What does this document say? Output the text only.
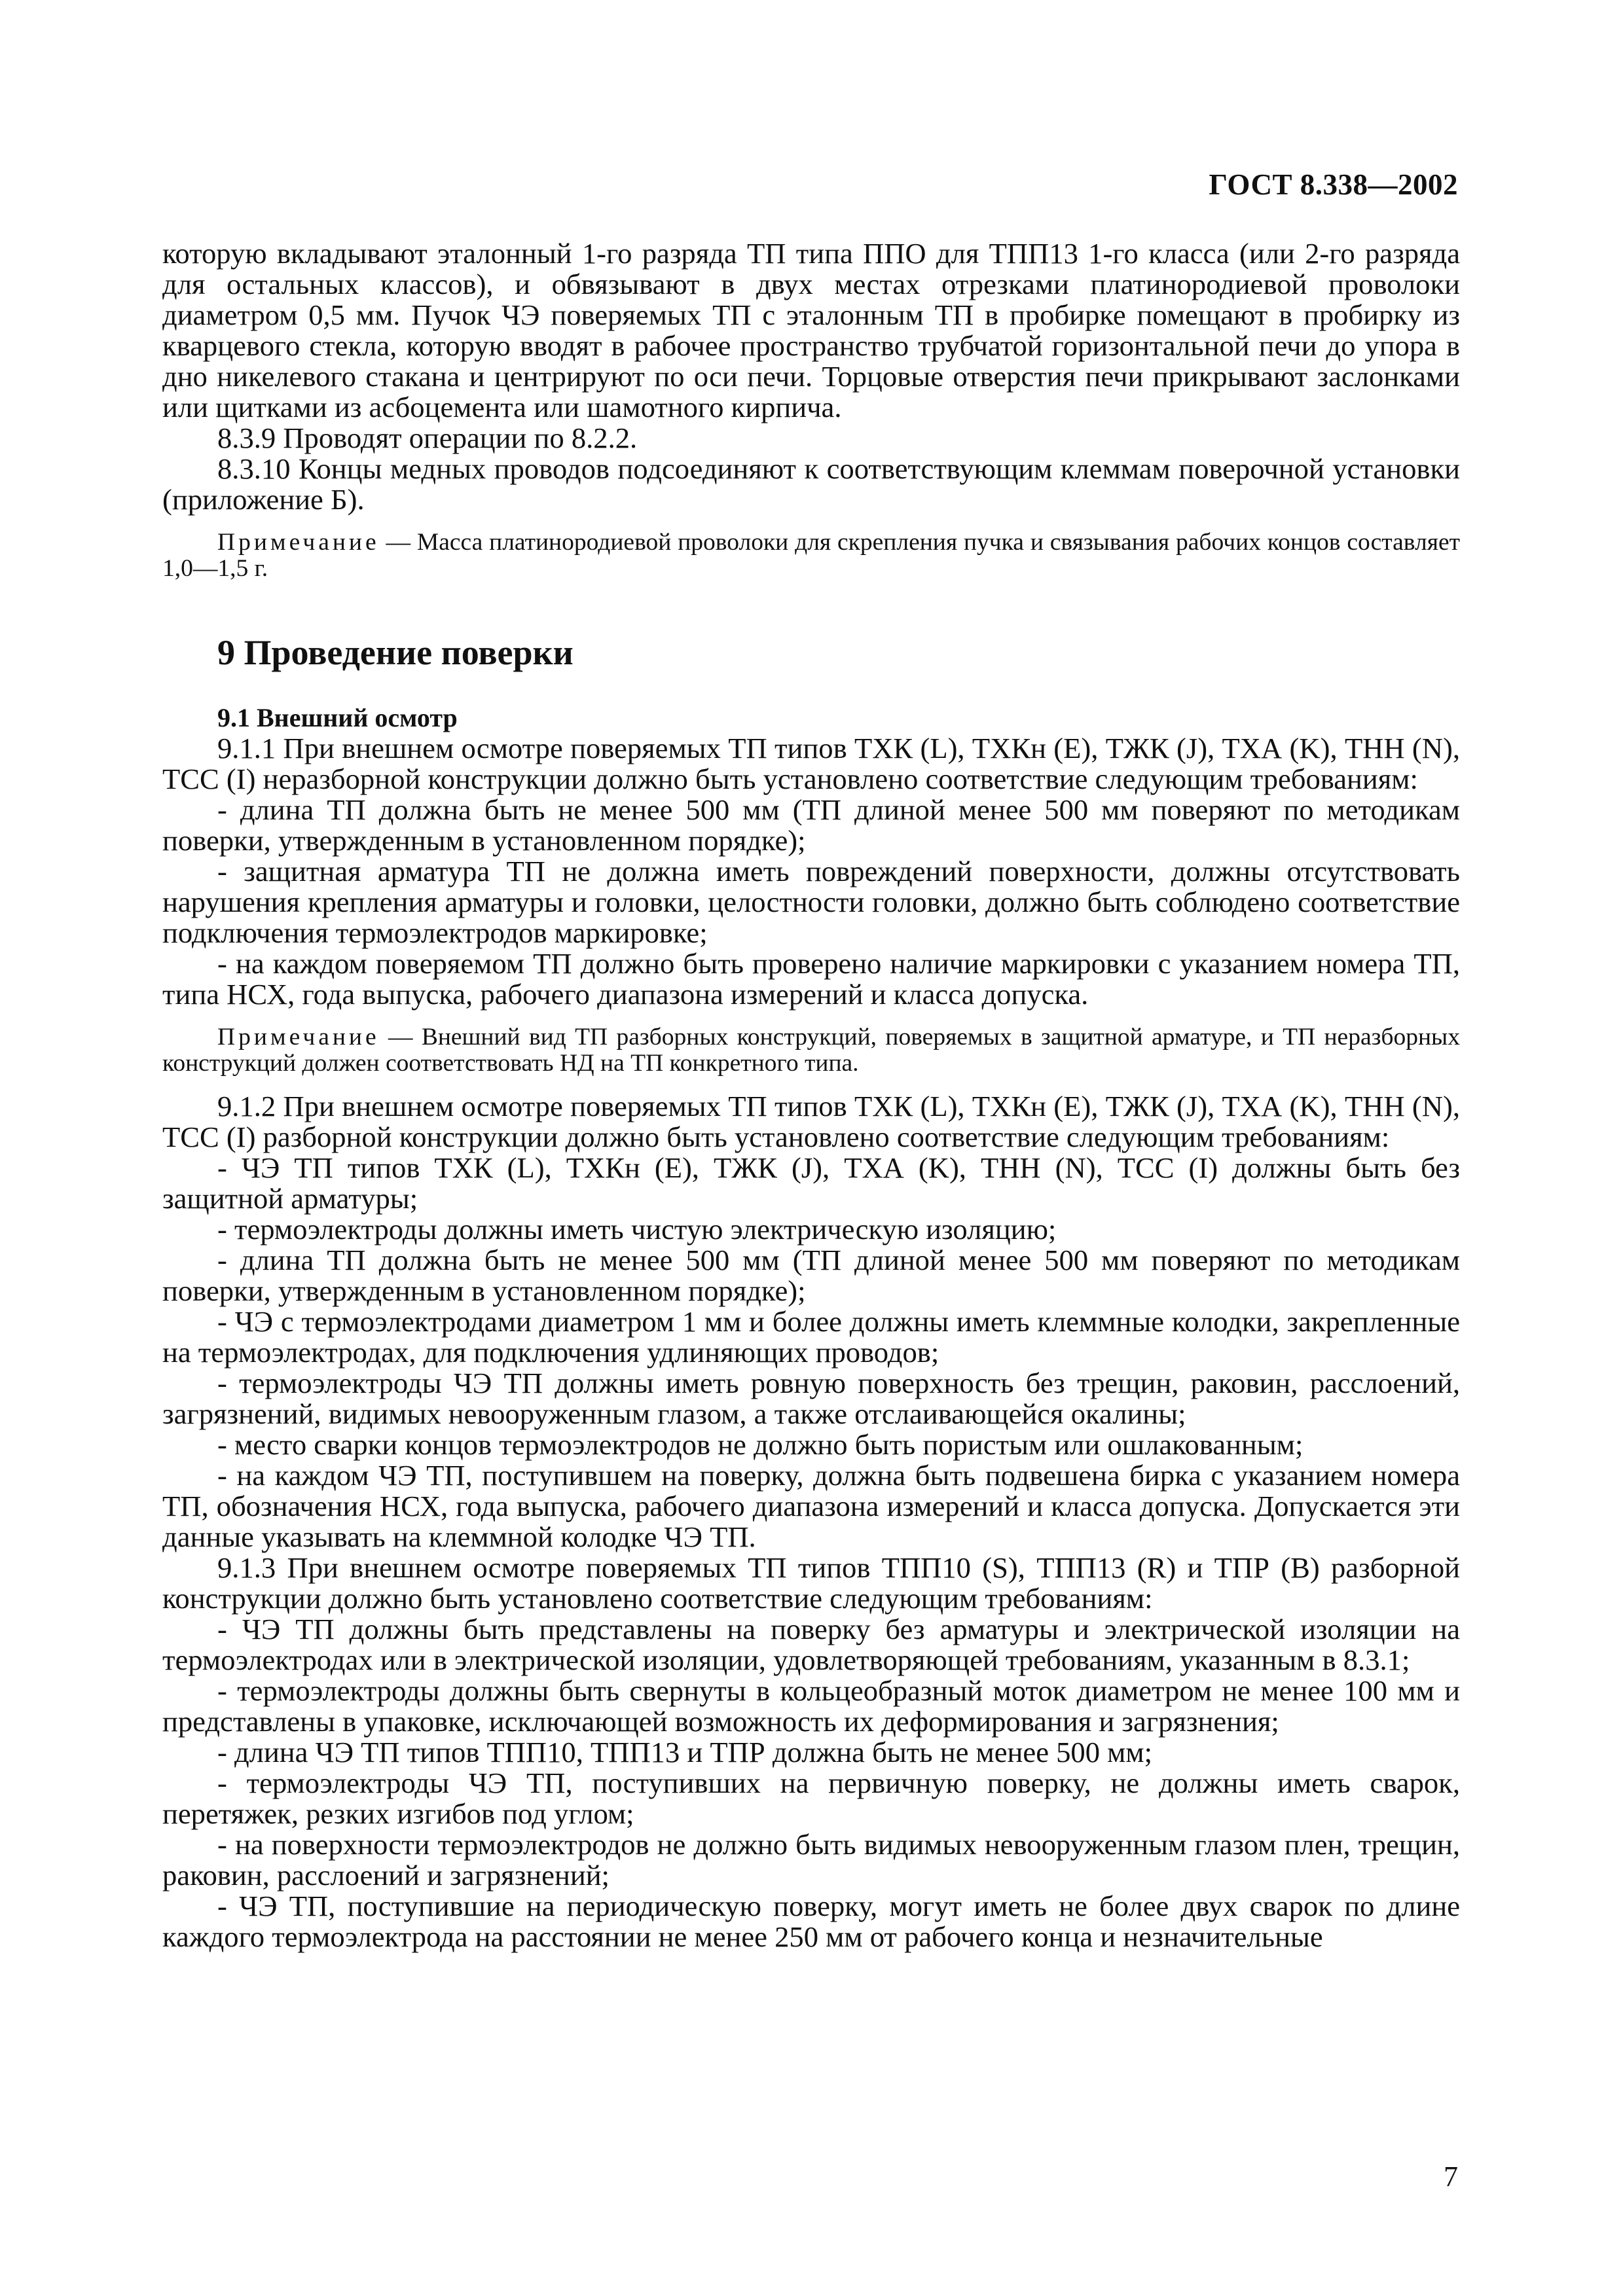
ГОСТ 8.338—2002

которую вкладывают эталонный 1-го разряда ТП типа ППО для ТПП13 1-го класса (или 2-го разряда для остальных классов), и обвязывают в двух местах отрезками платинородиевой проволоки диаметром 0,5 мм. Пучок ЧЭ поверяемых ТП с эталонным ТП в пробирке помещают в пробирку из кварцевого стекла, которую вводят в рабочее пространство трубчатой горизонтальной печи до упора в дно никелевого стакана и центрируют по оси печи. Торцовые отверстия печи прикрывают заслонками или щитками из асбоцемента или шамотного кирпича.

8.3.9 Проводят операции по 8.2.2.

8.3.10 Концы медных проводов подсоединяют к соответствующим клеммам поверочной установки (приложение Б).

Примечание — Масса платинородиевой проволоки для скрепления пучка и связывания рабочих концов составляет 1,0—1,5 г.

9 Проведение поверки

9.1 Внешний осмотр

9.1.1 При внешнем осмотре поверяемых ТП типов ТХК (L), ТХКн (E), ТЖК (J), ТХА (K), ТНН (N), ТСС (I) неразборной конструкции должно быть установлено соответствие следующим требованиям:

- длина ТП должна быть не менее 500 мм (ТП длиной менее 500 мм поверяют по методикам поверки, утвержденным в установленном порядке);

- защитная арматура ТП не должна иметь повреждений поверхности, должны отсутствовать нарушения крепления арматуры и головки, целостности головки, должно быть соблюдено соответствие подключения термоэлектродов маркировке;

- на каждом поверяемом ТП должно быть проверено наличие маркировки с указанием номера ТП, типа НСХ, года выпуска, рабочего диапазона измерений и класса допуска.

Примечание — Внешний вид ТП разборных конструкций, поверяемых в защитной арматуре, и ТП неразборных конструкций должен соответствовать НД на ТП конкретного типа.

9.1.2 При внешнем осмотре поверяемых ТП типов ТХК (L), ТХКн (E), ТЖК (J), ТХА (K), ТНН (N), ТСС (I) разборной конструкции должно быть установлено соответствие следующим требованиям:

- ЧЭ ТП типов ТХК (L), ТХКн (E), ТЖК (J), ТХА (K), ТНН (N), ТСС (I) должны быть без защитной арматуры;

- термоэлектроды должны иметь чистую электрическую изоляцию;

- длина ТП должна быть не менее 500 мм (ТП длиной менее 500 мм поверяют по методикам поверки, утвержденным в установленном порядке);

- ЧЭ с термоэлектродами диаметром 1 мм и более должны иметь клеммные колодки, закрепленные на термоэлектродах, для подключения удлиняющих проводов;

- термоэлектроды ЧЭ ТП должны иметь ровную поверхность без трещин, раковин, расслоений, загрязнений, видимых невооруженным глазом, а также отслаивающейся окалины;

- место сварки концов термоэлектродов не должно быть пористым или ошлакованным;

- на каждом ЧЭ ТП, поступившем на поверку, должна быть подвешена бирка с указанием номера ТП, обозначения НСХ, года выпуска, рабочего диапазона измерений и класса допуска. Допускается эти данные указывать на клеммной колодке ЧЭ ТП.

9.1.3 При внешнем осмотре поверяемых ТП типов ТПП10 (S), ТПП13 (R) и ТПР (B) разборной конструкции должно быть установлено соответствие следующим требованиям:

- ЧЭ ТП должны быть представлены на поверку без арматуры и электрической изоляции на термоэлектродах или в электрической изоляции, удовлетворяющей требованиям, указанным в 8.3.1;

- термоэлектроды должны быть свернуты в кольцеобразный моток диаметром не менее 100 мм и представлены в упаковке, исключающей возможность их деформирования и загрязнения;

- длина ЧЭ ТП типов ТПП10, ТПП13 и ТПР должна быть не менее 500 мм;

- термоэлектроды ЧЭ ТП, поступивших на первичную поверку, не должны иметь сварок, перетяжек, резких изгибов под углом;

- на поверхности термоэлектродов не должно быть видимых невооруженным глазом плен, трещин, раковин, расслоений и загрязнений;

- ЧЭ ТП, поступившие на периодическую поверку, могут иметь не более двух сварок по длине каждого термоэлектрода на расстоянии не менее 250 мм от рабочего конца и незначительные

7
